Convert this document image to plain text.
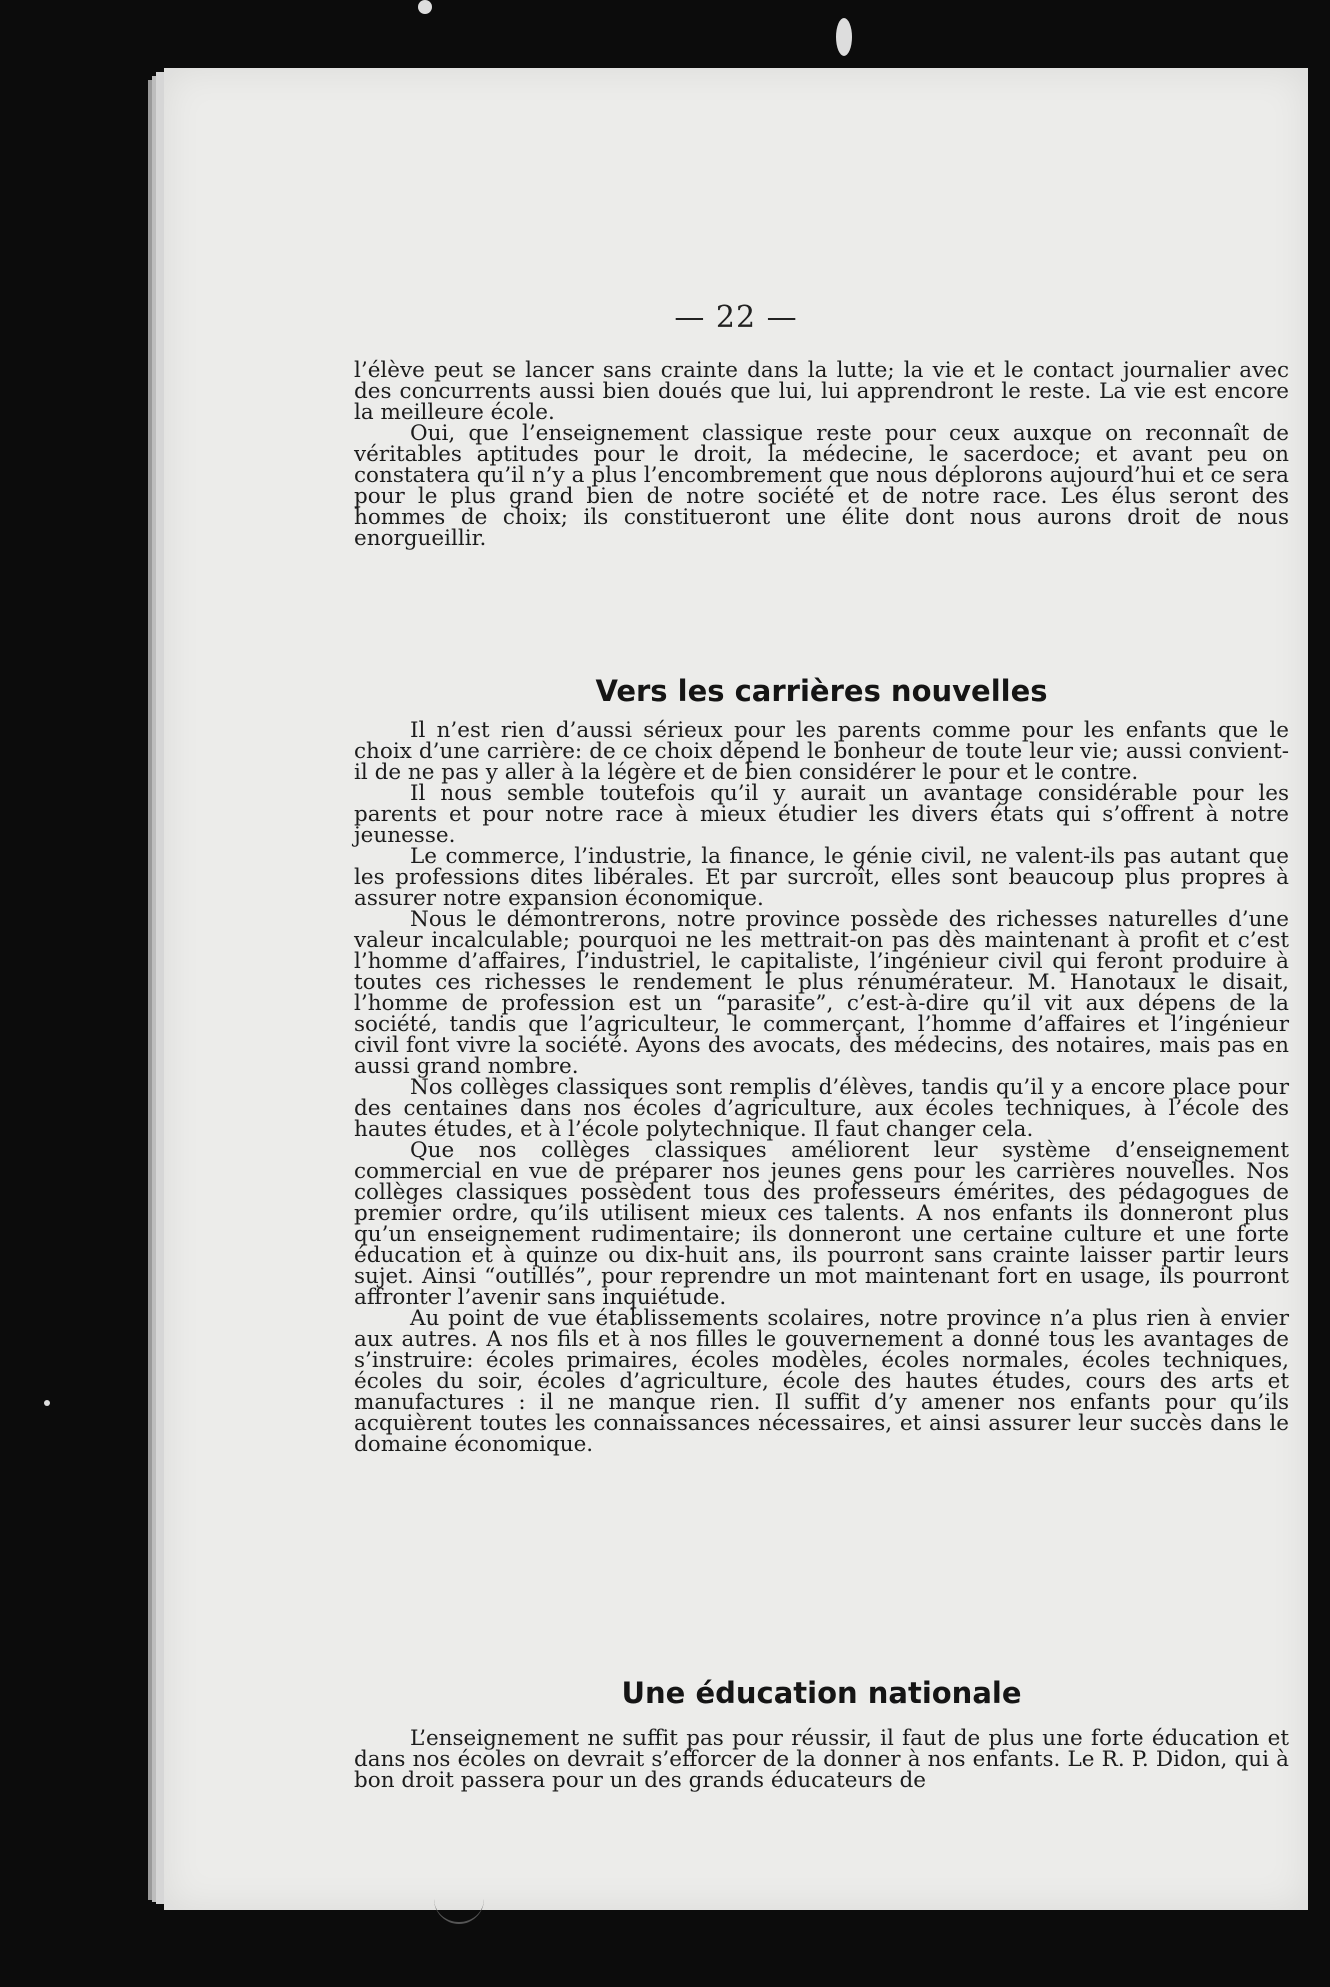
— 22 —

l’élève peut se lancer sans crainte dans la lutte; la vie et le contact journalier avec des concurrents aussi bien doués que lui, lui apprendront le reste. La vie est encore la meilleure école.

Oui, que l’enseignement classique reste pour ceux auxque on reconnaît de véritables aptitudes pour le droit, la médecine, le sacerdoce; et avant peu on constatera qu’il n’y a plus l’encombrement que nous déplorons aujourd’hui et ce sera pour le plus grand bien de notre société et de notre race. Les élus seront des hommes de choix; ils constitueront une élite dont nous aurons droit de nous enorgueillir.

Vers les carrières nouvelles

Il n’est rien d’aussi sérieux pour les parents comme pour les enfants que le choix d’une carrière: de ce choix dépend le bonheur de toute leur vie; aussi convient-il de ne pas y aller à la légère et de bien considérer le pour et le contre.

Il nous semble toutefois qu’il y aurait un avantage considérable pour les parents et pour notre race à mieux étudier les divers états qui s’offrent à notre jeunesse.

Le commerce, l’industrie, la finance, le génie civil, ne valent-ils pas autant que les professions dites libérales. Et par surcroît, elles sont beaucoup plus propres à assurer notre expansion économique.

Nous le démontrerons, notre province possède des richesses naturelles d’une valeur incalculable; pourquoi ne les mettrait-on pas dès maintenant à profit et c’est l’homme d’affaires, l’industriel, le capitaliste, l’ingénieur civil qui feront produire à toutes ces richesses le rendement le plus rénumérateur. M. Hanotaux le disait, l’homme de profession est un “parasite”, c’est-à-dire qu’il vit aux dépens de la société, tandis que l’agriculteur, le commerçant, l’homme d’affaires et l’ingénieur civil font vivre la société. Ayons des avocats, des médecins, des notaires, mais pas en aussi grand nombre.

Nos collèges classiques sont remplis d’élèves, tandis qu’il y a encore place pour des centaines dans nos écoles d’agriculture, aux écoles techniques, à l’école des hautes études, et à l’école polytechnique. Il faut changer cela.

Que nos collèges classiques améliorent leur système d’enseignement commercial en vue de préparer nos jeunes gens pour les carrières nouvelles. Nos collèges classiques possèdent tous des professeurs émérites, des pédagogues de premier ordre, qu’ils utilisent mieux ces talents. A nos enfants ils donneront plus qu’un enseignement rudimentaire; ils donneront une certaine culture et une forte éducation et à quinze ou dix-huit ans, ils pourront sans crainte laisser partir leurs sujet. Ainsi “outillés”, pour reprendre un mot maintenant fort en usage, ils pourront affronter l’avenir sans inquiétude.

Au point de vue établissements scolaires, notre province n’a plus rien à envier aux autres. A nos fils et à nos filles le gouvernement a donné tous les avantages de s’instruire: écoles primaires, écoles modèles, écoles normales, écoles techniques, écoles du soir, écoles d’agriculture, école des hautes études, cours des arts et manufactures : il ne manque rien. Il suffit d’y amener nos enfants pour qu’ils acquièrent toutes les connaissances nécessaires, et ainsi assurer leur succès dans le domaine économique.

Une éducation nationale

L’enseignement ne suffit pas pour réussir, il faut de plus une forte éducation et dans nos écoles on devrait s’efforcer de la donner à nos enfants. Le R. P. Didon, qui à bon droit passera pour un des grands éducateurs de
